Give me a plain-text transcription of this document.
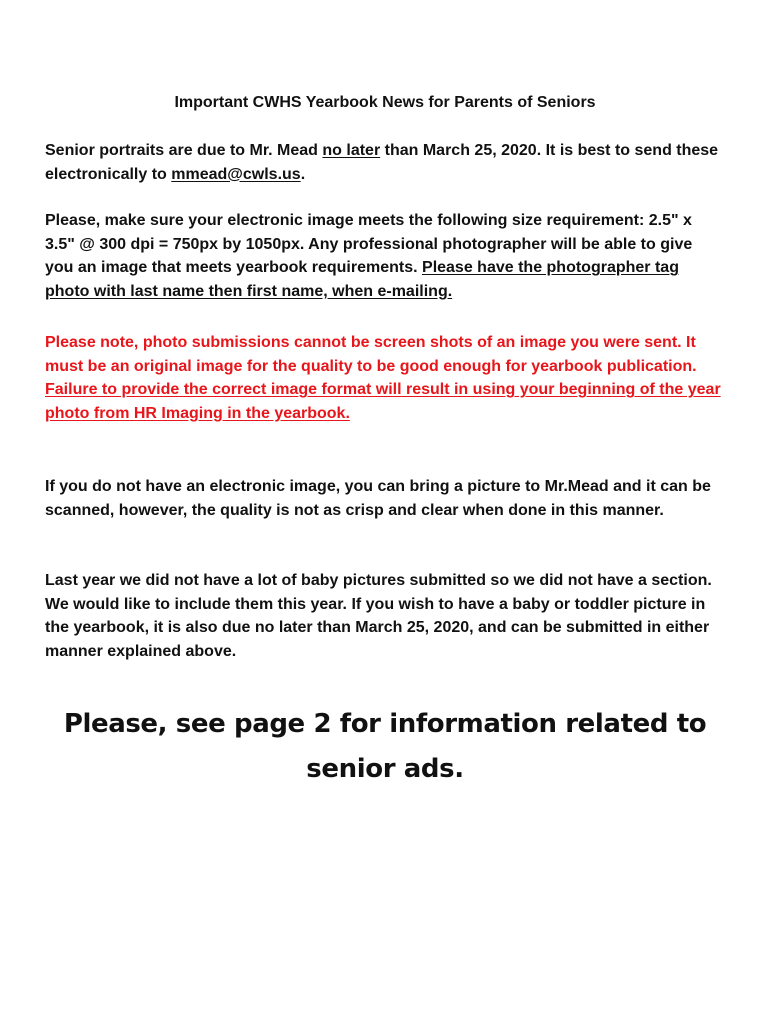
Important CWHS Yearbook News for Parents of Seniors

Senior portraits are due to Mr. Mead no later than March 25, 2020. It is best to send these electronically to mmead@cwls.us.

Please, make sure your electronic image meets the following size requirement: 2.5" x 3.5" @ 300 dpi = 750px by 1050px. Any professional photographer will be able to give you an image that meets yearbook requirements. Please have the photographer tag photo with last name then first name, when e-mailing.

Please note, photo submissions cannot be screen shots of an image you were sent. It must be an original image for the quality to be good enough for yearbook publication. Failure to provide the correct image format will result in using your beginning of the year photo from HR Imaging in the yearbook.

If you do not have an electronic image, you can bring a picture to Mr.Mead and it can be scanned, however, the quality is not as crisp and clear when done in this manner.

Last year we did not have a lot of baby pictures submitted so we did not have a section. We would like to include them this year. If you wish to have a baby or toddler picture in the yearbook, it is also due no later than March 25, 2020, and can be submitted in either manner explained above.

Please, see page 2 for information related to senior ads.
